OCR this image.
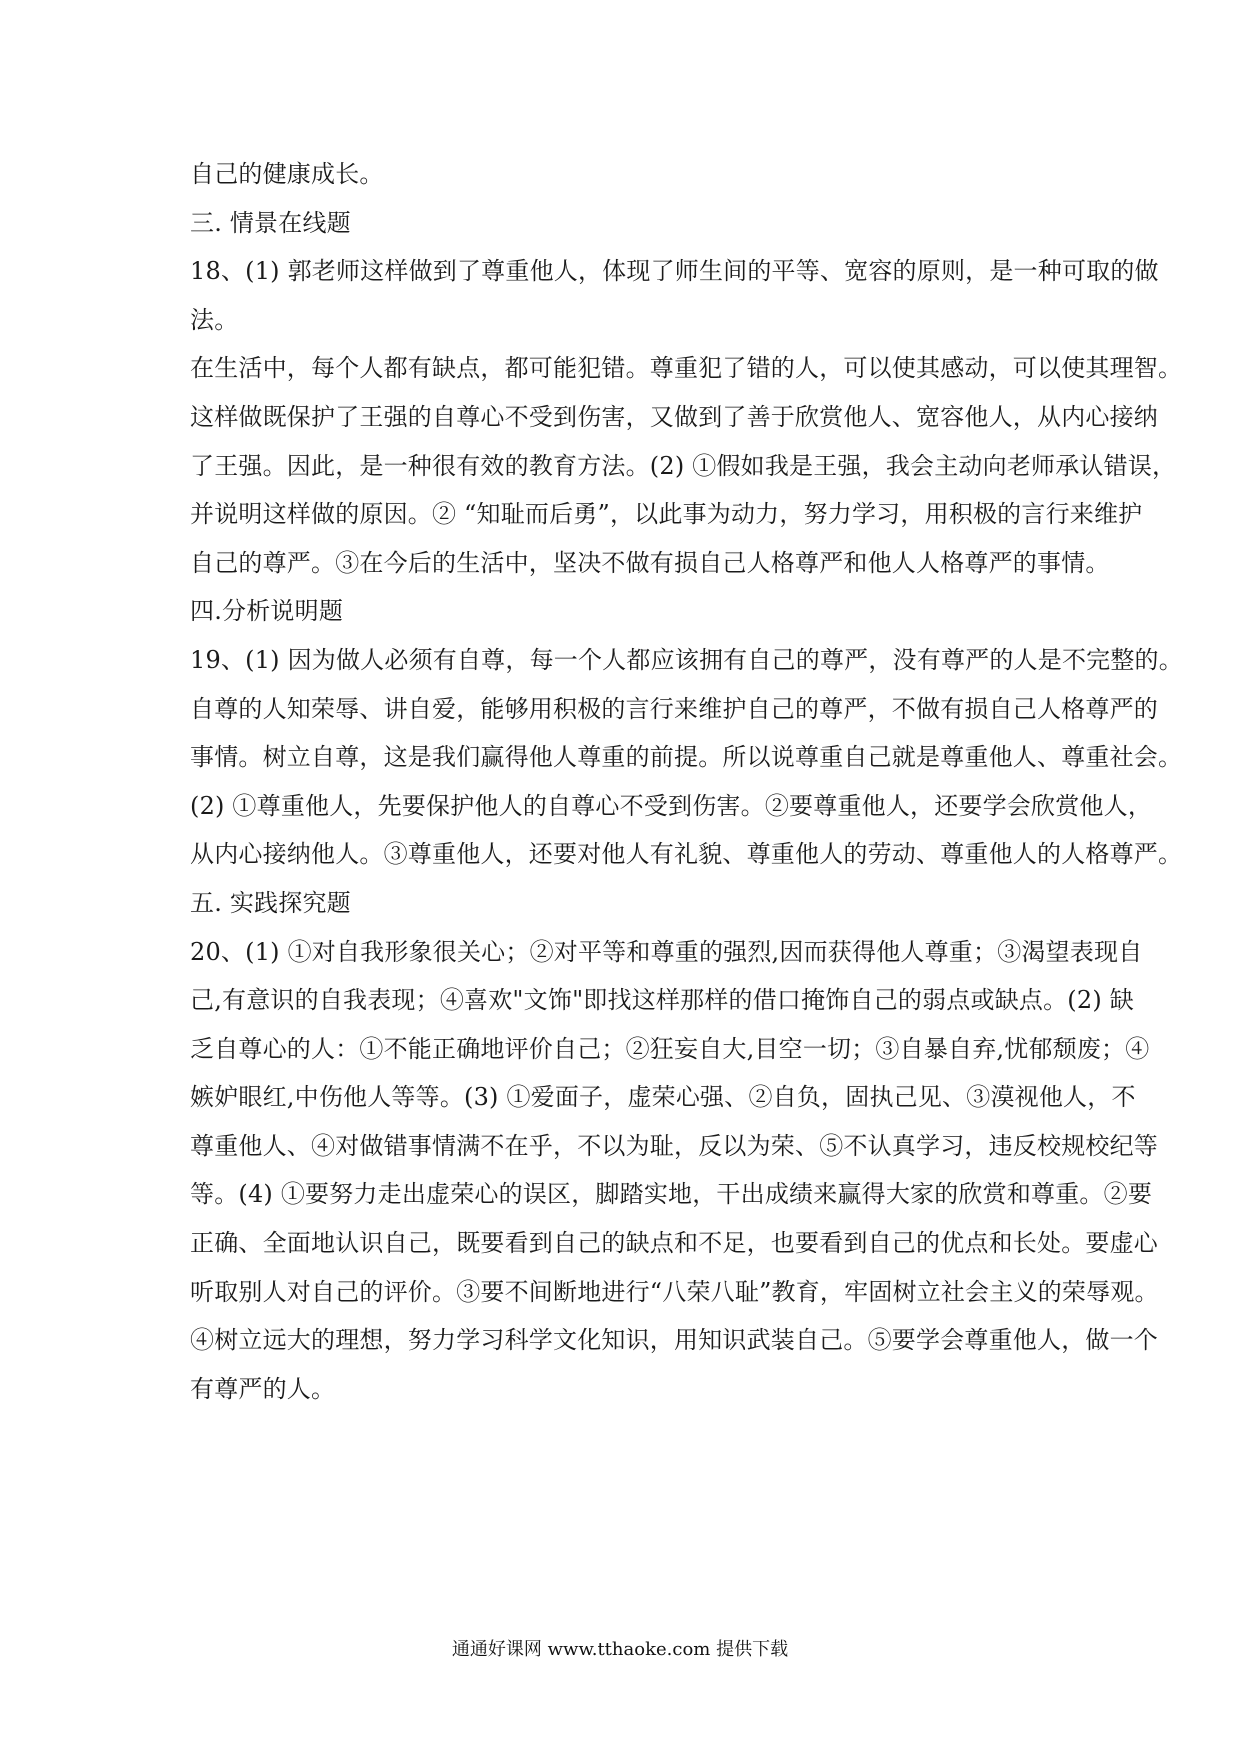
自己的健康成长。
三. 情景在线题
18、(1) 郭老师这样做到了尊重他人，体现了师生间的平等、宽容的原则，是一种可取的做
法。
在生活中，每个人都有缺点，都可能犯错。尊重犯了错的人，可以使其感动，可以使其理智。
这样做既保护了王强的自尊心不受到伤害，又做到了善于欣赏他人、宽容他人，从内心接纳
了王强。因此，是一种很有效的教育方法。(2) ①假如我是王强，我会主动向老师承认错误，
并说明这样做的原因。② “知耻而后勇”，以此事为动力，努力学习，用积极的言行来维护
自己的尊严。③在今后的生活中，坚决不做有损自己人格尊严和他人人格尊严的事情。
四.分析说明题
19、(1) 因为做人必须有自尊，每一个人都应该拥有自己的尊严，没有尊严的人是不完整的。
自尊的人知荣辱、讲自爱，能够用积极的言行来维护自己的尊严，不做有损自己人格尊严的
事情。树立自尊，这是我们赢得他人尊重的前提。所以说尊重自己就是尊重他人、尊重社会。
(2) ①尊重他人，先要保护他人的自尊心不受到伤害。②要尊重他人，还要学会欣赏他人，
从内心接纳他人。③尊重他人，还要对他人有礼貌、尊重他人的劳动、尊重他人的人格尊严。
五. 实践探究题
20、(1) ①对自我形象很关心；②对平等和尊重的强烈,因而获得他人尊重；③渴望表现自
己,有意识的自我表现；④喜欢"文饰"即找这样那样的借口掩饰自己的弱点或缺点。(2) 缺
乏自尊心的人：①不能正确地评价自己；②狂妄自大,目空一切；③自暴自弃,忧郁颓废；④
嫉妒眼红,中伤他人等等。(3) ①爱面子，虚荣心强、②自负，固执己见、③漠视他人，不
尊重他人、④对做错事情满不在乎，不以为耻，反以为荣、⑤不认真学习，违反校规校纪等
等。(4) ①要努力走出虚荣心的误区，脚踏实地，干出成绩来赢得大家的欣赏和尊重。②要
正确、全面地认识自己，既要看到自己的缺点和不足，也要看到自己的优点和长处。要虚心
听取别人对自己的评价。③要不间断地进行“八荣八耻”教育，牢固树立社会主义的荣辱观。
④树立远大的理想，努力学习科学文化知识，用知识武装自己。⑤要学会尊重他人，做一个
有尊严的人。
通通好课网 www.tthaoke.com 提供下载
